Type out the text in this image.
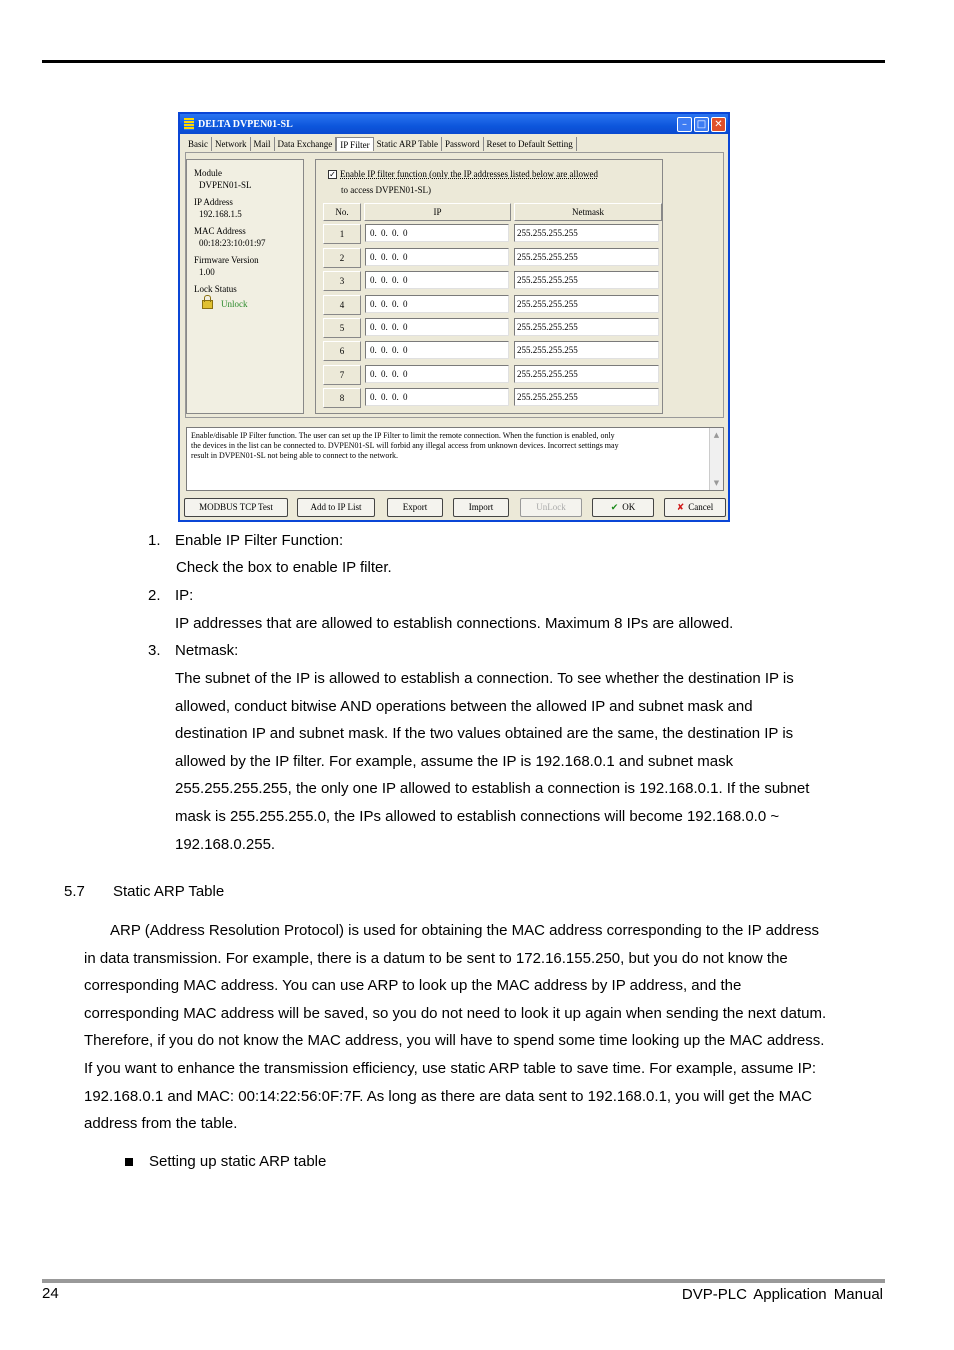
DELTA DVPEN01-SL	– □ ✕
Basic Network Mail Data Exchange IP Filter Static ARP Table Password Reset to Default Setting
Module
DVPEN01-SL
IP Address
192.168.1.5
MAC Address
00:18:23:10:01:97
Firmware Version
1.00
Lock Status
Unlock
✓ Enable IP filter function (only the IP addresses listed below are allowed
to access DVPEN01-SL)
No.	IP	Netmask
1	0. 0. 0. 0	255.255.255.255
2	0. 0. 0. 0	255.255.255.255
3	0. 0. 0. 0	255.255.255.255
4	0. 0. 0. 0	255.255.255.255
5	0. 0. 0. 0	255.255.255.255
6	0. 0. 0. 0	255.255.255.255
7	0. 0. 0. 0	255.255.255.255
8	0. 0. 0. 0	255.255.255.255
Enable/disable IP Filter function. The user can set up the IP Filter to limit the remote connection. When the function is enabled, only
the devices in the list can be connected to. DVPEN01-SL will forbid any illegal access from unknown devices. Incorrect settings may
result in DVPEN01-SL not being able to connect to the network.
▲
▼
MODBUS TCP Test	Add to IP List	Export	Import	UnLock	✔ OK	✘ Cancel
1. Enable IP Filter Function:
Check the box to enable IP filter.
2. IP:
IP addresses that are allowed to establish connections. Maximum 8 IPs are allowed.
3. Netmask:
The subnet of the IP is allowed to establish a connection. To see whether the destination IP is
allowed, conduct bitwise AND operations between the allowed IP and subnet mask and
destination IP and subnet mask. If the two values obtained are the same, the destination IP is
allowed by the IP filter. For example, assume the IP is 192.168.0.1 and subnet mask
255.255.255.255, the only one IP allowed to establish a connection is 192.168.0.1. If the subnet
mask is 255.255.255.0, the IPs allowed to establish connections will become 192.168.0.0 ~
192.168.0.255.
5.7 Static ARP Table
ARP (Address Resolution Protocol) is used for obtaining the MAC address corresponding to the IP address
in data transmission. For example, there is a datum to be sent to 172.16.155.250, but you do not know the
corresponding MAC address. You can use ARP to look up the MAC address by IP address, and the
corresponding MAC address will be saved, so you do not need to look it up again when sending the next datum.
Therefore, if you do not know the MAC address, you will have to spend some time looking up the MAC address.
If you want to enhance the transmission efficiency, use static ARP table to save time. For example, assume IP:
192.168.0.1 and MAC: 00:14:22:56:0F:7F. As long as there are data sent to 192.168.0.1, you will get the MAC
address from the table.
Setting up static ARP table
24	DVP-PLC Application Manual
